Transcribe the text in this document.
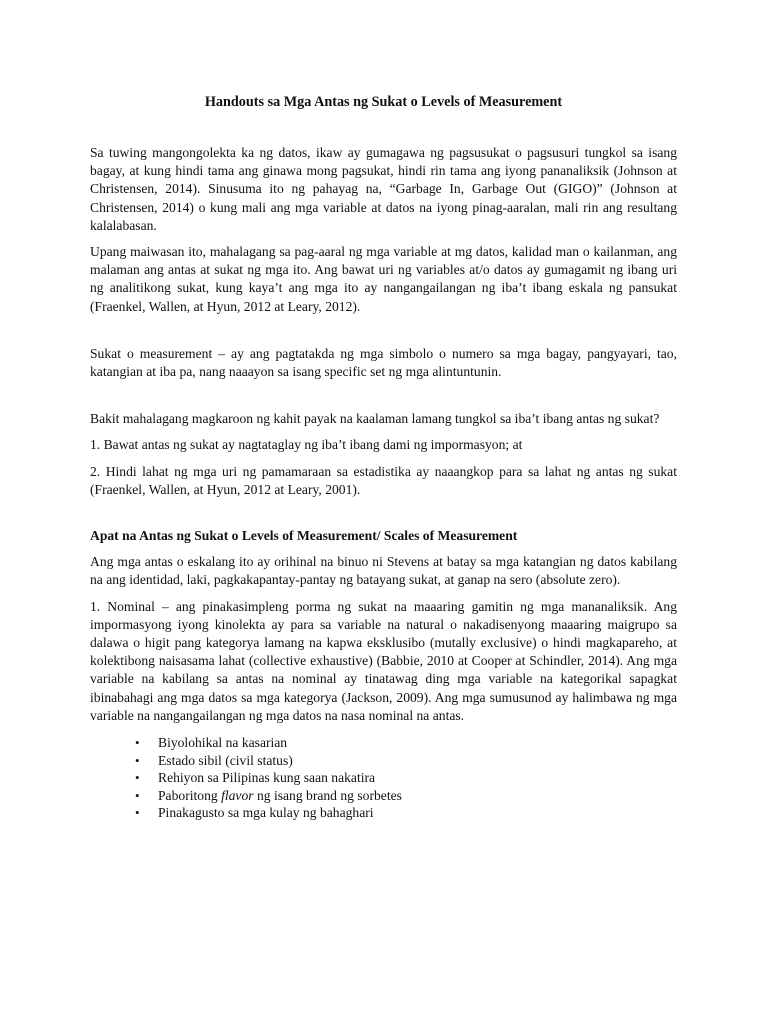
Handouts sa Mga Antas ng Sukat o Levels of Measurement

Sa tuwing mangongolekta ka ng datos, ikaw ay gumagawa ng pagsusukat o pagsusuri tungkol sa isang bagay, at kung hindi tama ang ginawa mong pagsukat, hindi rin tama ang iyong pananaliksik (Johnson at Christensen, 2014). Sinusuma ito ng pahayag na, “Garbage In, Garbage Out (GIGO)” (Johnson at Christensen, 2014) o kung mali ang mga variable at datos na iyong pinag-aaralan, mali rin ang resultang kalalabasan.

Upang maiwasan ito, mahalagang sa pag-aaral ng mga variable at mg datos, kalidad man o kailanman, ang malaman ang antas at sukat ng mga ito. Ang bawat uri ng variables at/o datos ay gumagamit ng ibang uri ng analitikong sukat, kung kaya’t ang mga ito ay nangangailangan ng iba’t ibang eskala ng pansukat (Fraenkel, Wallen, at Hyun, 2012 at Leary, 2012).

Sukat o measurement – ay ang pagtatakda ng mga simbolo o numero sa mga bagay, pangyayari, tao, katangian at iba pa, nang naaayon sa isang specific set ng mga alintuntunin.

Bakit mahalagang magkaroon ng kahit payak na kaalaman lamang tungkol sa iba’t ibang antas ng sukat?

1. Bawat antas ng sukat ay nagtataglay ng iba’t ibang dami ng impormasyon; at

2. Hindi lahat ng mga uri ng pamamaraan sa estadistika ay naaangkop para sa lahat ng antas ng sukat (Fraenkel, Wallen, at Hyun, 2012 at Leary, 2001).

Apat na Antas ng Sukat o Levels of Measurement/ Scales of Measurement

Ang mga antas o eskalang ito ay orihinal na binuo ni Stevens at batay sa mga katangian ng datos kabilang na ang identidad, laki, pagkakapantay-pantay ng batayang sukat, at ganap na sero (absolute zero).

1. Nominal – ang pinakasimpleng porma ng sukat na maaaring gamitin ng mga mananaliksik. Ang impormasyong iyong kinolekta ay para sa variable na natural o nakadisenyong maaaring maigrupo sa dalawa o higit pang kategorya lamang na kapwa eksklusibo (mutally exclusive) o hindi magkapareho, at kolektibong naisasama lahat (collective exhaustive) (Babbie, 2010 at Cooper at Schindler, 2014). Ang mga variable na kabilang sa antas na nominal ay tinatawag ding mga variable na kategorikal sapagkat ibinabahagi ang mga datos sa mga kategorya (Jackson, 2009). Ang mga sumusunod ay halimbawa ng mga variable na nangangailangan ng mga datos na nasa nominal na antas.

• Biyolohikal na kasarian
• Estado sibil (civil status)
• Rehiyon sa Pilipinas kung saan nakatira
• Paboritong flavor ng isang brand ng sorbetes
• Pinakagusto sa mga kulay ng bahaghari
